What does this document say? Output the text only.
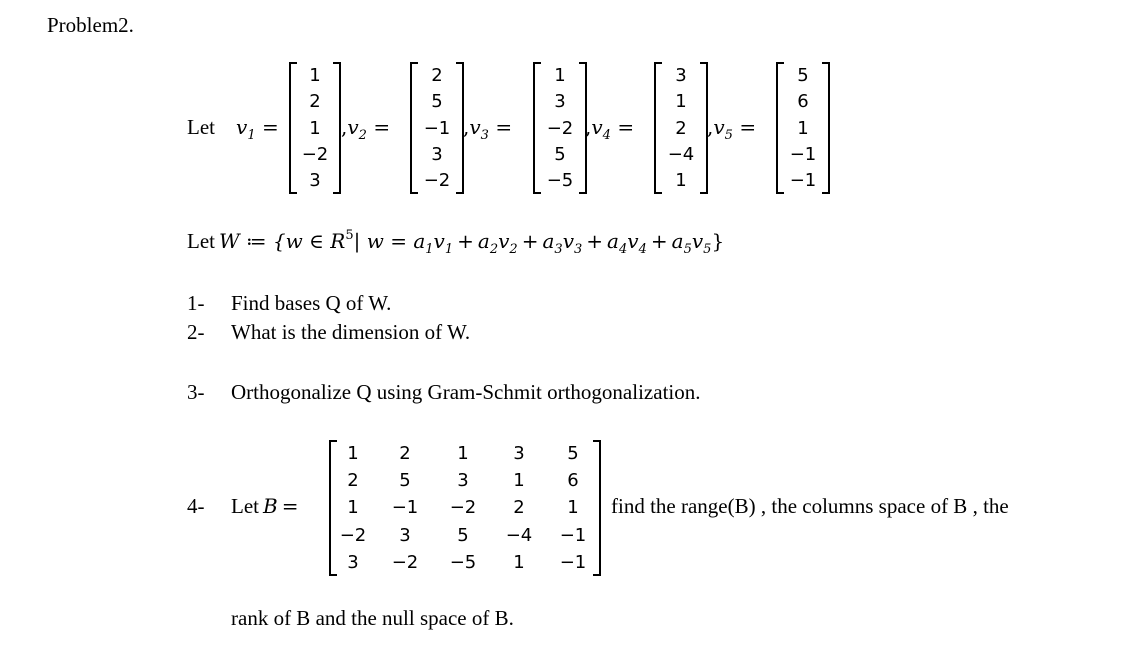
Problem2.
Let $v_1$ =
1
2
1
−2
3
$,v_2$ =
2
5
−1
3
−2
$,v_3$ =
1
3
−2
5
−5
$,v_4$ =
3
1
2
−4
1
$,v_5$ =
5
6
1
−1
−1
Let W ≔ {w ∈ $R^5|$ $w = a_1v_1 + a_2v_2 + a_3v_3 + a_4v_4 + a_5v_5$}
1- Find bases Q of W.
2- What is the dimension of W.
3- Orthogonalize Q using Gram-Schmit orthogonalization.
4- Let B =
1	2	1	3	5
2	5	3	1	6
1	−1	−2	2	1
−2	3	5	−4	−1
3	−2	−5	1	−1
find the range(B) , the columns space of B , the
rank of B and the null space of B.
